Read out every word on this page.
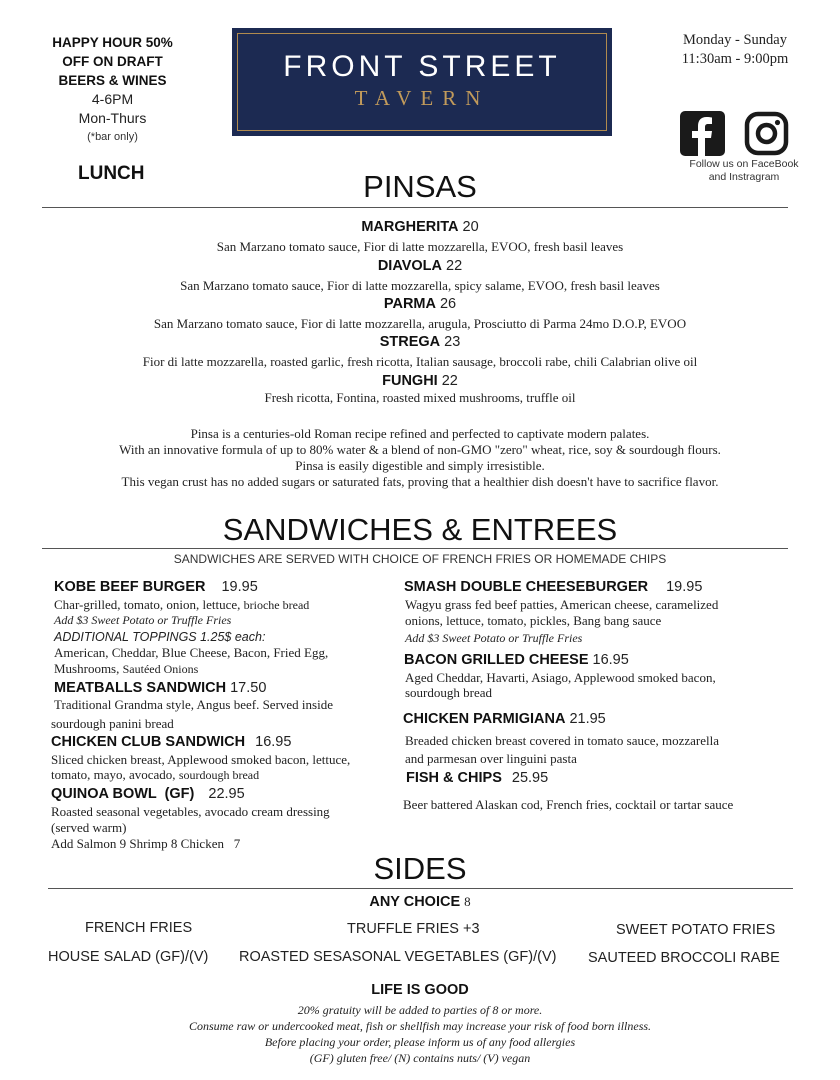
HAPPY HOUR 50%
OFF ON DRAFT
BEERS & WINES
4-6PM
Mon-Thurs
(*bar only)
LUNCH
FRONT STREET
TAVERN
Monday - Sunday
11:30am - 9:00pm
Follow us on FaceBook
and Instragram
PINSAS
MARGHERITA 20
San Marzano tomato sauce, Fior di latte mozzarella, EVOO, fresh basil leaves
DIAVOLA 22
San Marzano tomato sauce, Fior di latte mozzarella, spicy salame, EVOO, fresh basil leaves
PARMA 26
San Marzano tomato sauce, Fior di latte mozzarella, arugula, Prosciutto di Parma 24mo D.O.P, EVOO
STREGA 23
Fior di latte mozzarella, roasted garlic, fresh ricotta, Italian sausage, broccoli rabe, chili Calabrian olive oil
FUNGHI 22
Fresh ricotta, Fontina, roasted mixed mushrooms, truffle oil
Pinsa is a centuries-old Roman recipe refined and perfected to captivate modern palates.
With an innovative formula of up to 80% water & a blend of non-GMO "zero" wheat, rice, soy & sourdough flours.
Pinsa is easily digestible and simply irresistible.
This vegan crust has no added sugars or saturated fats, proving that a healthier dish doesn't have to sacrifice flavor.
SANDWICHES & ENTREES
SANDWICHES ARE SERVED WITH CHOICE OF FRENCH FRIES OR HOMEMADE CHIPS
KOBE BEEF BURGER 19.95
Char-grilled, tomato, onion, lettuce, brioche bread
Add $3 Sweet Potato or Truffle Fries
ADDITIONAL TOPPINGS 1.25$ each:
American, Cheddar, Blue Cheese, Bacon, Fried Egg,
Mushrooms, Sautéed Onions
MEATBALLS SANDWICH 17.50
Traditional Grandma style, Angus beef. Served inside
sourdough panini bread
CHICKEN CLUB SANDWICH 16.95
Sliced chicken breast, Applewood smoked bacon, lettuce,
tomato, mayo, avocado, sourdough bread
QUINOA BOWL  (GF) 22.95
Roasted seasonal vegetables, avocado cream dressing
(served warm)
Add Salmon 9 Shrimp 8 Chicken   7
SMASH DOUBLE CHEESEBURGER 19.95
Wagyu grass fed beef patties, American cheese, caramelized
onions, lettuce, tomato, pickles, Bang bang sauce
Add $3 Sweet Potato or Truffle Fries
BACON GRILLED CHEESE 16.95
Aged Cheddar, Havarti, Asiago, Applewood smoked bacon,
sourdough bread
CHICKEN PARMIGIANA 21.95
Breaded chicken breast covered in tomato sauce, mozzarella
and parmesan over linguini pasta
FISH & CHIPS 25.95
Beer battered Alaskan cod, French fries, cocktail or tartar sauce
SIDES
ANY CHOICE 8
FRENCH FRIES	TRUFFLE FRIES +3	SWEET POTATO FRIES
HOUSE SALAD (GF)/(V) ROASTED SESASONAL VEGETABLES (GF)/(V) SAUTEED BROCCOLI RABE
LIFE IS GOOD
20% gratuity will be added to parties of 8 or more.
Consume raw or undercooked meat, fish or shellfish may increase your risk of food born illness.
Before placing your order, please inform us of any food allergies
(GF) gluten free/ (N) contains nuts/ (V) vegan
